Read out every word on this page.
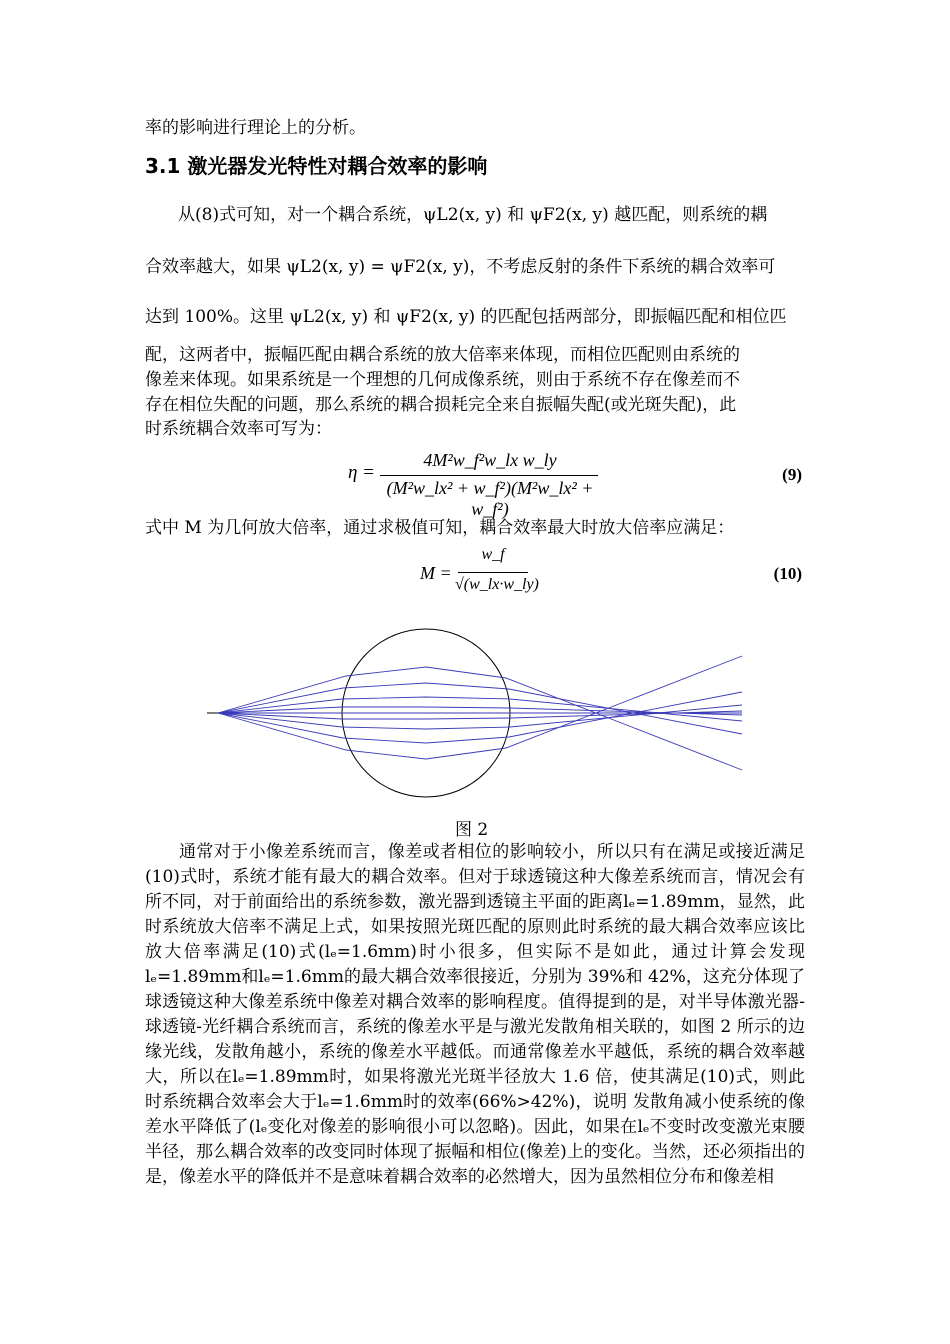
率的影响进行理论上的分析。
3.1 激光器发光特性对耦合效率的影响
从(8)式可知，对一个耦合系统，ψL2(x, y) 和 ψF2(x, y) 越匹配，则系统的耦
合效率越大，如果 ψL2(x, y) = ψF2(x, y)，不考虑反射的条件下系统的耦合效率可
达到 100%。这里 ψL2(x, y) 和 ψF2(x, y) 的匹配包括两部分，即振幅匹配和相位匹
配，这两者中，振幅匹配由耦合系统的放大倍率来体现，而相位匹配则由系统的
像差来体现。如果系统是一个理想的几何成像系统，则由于系统不存在像差而不
存在相位失配的问题，那么系统的耦合损耗完全来自振幅失配(或光斑失配)，此
时系统耦合效率可写为：
η =
4M²w_f²w_lx w_ly
(M²w_lx² + w_f²)(M²w_lx² + w_f²)
(9)
式中 M 为几何放大倍率，通过求极值可知，耦合效率最大时放大倍率应满足：
M =
w_f
√(w_lx·w_ly)
(10)
图 2
通常对于小像差系统而言，像差或者相位的影响较小，所以只有在满足或接近满足(10)式时，系统才能有最大的耦合效率。但对于球透镜这种大像差系统而言，情况会有所不同，对于前面给出的系统参数，激光器到透镜主平面的距离lₑ=1.89mm，显然，此时系统放大倍率不满足上式，如果按照光斑匹配的原则此时系统的最大耦合效率应该比放大倍率满足(10)式(lₑ=1.6mm)时小很多，但实际不是如此，通过计算会发现lₑ=1.89mm和lₑ=1.6mm的最大耦合效率很接近，分别为 39%和 42%，这充分体现了球透镜这种大像差系统中像差对耦合效率的影响程度。值得提到的是，对半导体激光器-球透镜-光纤耦合系统而言，系统的像差水平是与激光发散角相关联的，如图 2 所示的边缘光线，发散角越小，系统的像差水平越低。而通常像差水平越低，系统的耦合效率越大，所以在lₑ=1.89mm时，如果将激光光斑半径放大 1.6 倍，使其满足(10)式，则此时系统耦合效率会大于lₑ=1.6mm时的效率(66%>42%)，说明 发散角减小使系统的像差水平降低了(lₑ变化对像差的影响很小可以忽略)。因此，如果在lₑ不变时改变激光束腰半径，那么耦合效率的改变同时体现了振幅和相位(像差)上的变化。当然，还必须指出的是，像差水平的降低并不是意味着耦合效率的必然增大，因为虽然相位分布和像差相
